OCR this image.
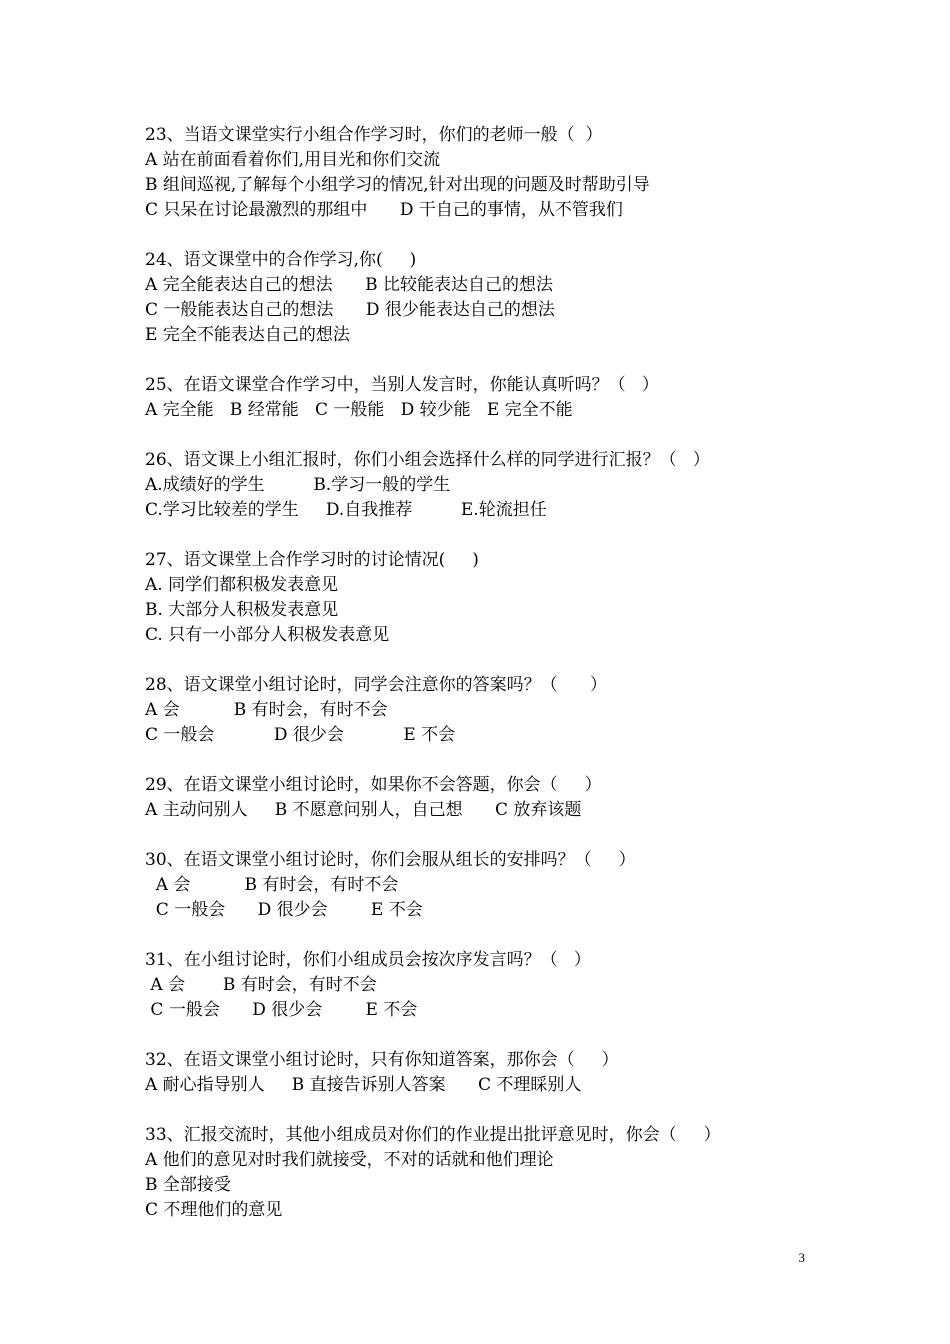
23、当语文课堂实行小组合作学习时，你们的老师一般（  ）
A 站在前面看着你们,用目光和你们交流
B 组间巡视,了解每个小组学习的情况,针对出现的问题及时帮助引导
C 只呆在讨论最激烈的那组中      D 干自己的事情，从不管我们
24、语文课堂中的合作学习,你(     )
A 完全能表达自己的想法      B 比较能表达自己的想法
C 一般能表达自己的想法      D 很少能表达自己的想法
E 完全不能表达自己的想法
25、在语文课堂合作学习中，当别人发言时，你能认真听吗？（   ）
A 完全能   B 经常能   C 一般能   D 较少能   E 完全不能
26、语文课上小组汇报时，你们小组会选择什么样的同学进行汇报？（   ）
A.成绩好的学生         B.学习一般的学生
C.学习比较差的学生     D.自我推荐         E.轮流担任
27、语文课堂上合作学习时的讨论情况(     )
A. 同学们都积极发表意见
B. 大部分人积极发表意见
C. 只有一小部分人积极发表意见
28、语文课堂小组讨论时，同学会注意你的答案吗？（      ）
A 会          B 有时会，有时不会
C 一般会           D 很少会           E 不会
29、在语文课堂小组讨论时，如果你不会答题，你会（     ）
A 主动问别人     B 不愿意问别人，自己想      C 放弃该题
30、在语文课堂小组讨论时，你们会服从组长的安排吗？（     ）
A 会          B 有时会，有时不会
C 一般会      D 很少会        E 不会
31、在小组讨论时，你们小组成员会按次序发言吗？（   ）
A 会       B 有时会，有时不会
C 一般会      D 很少会        E 不会
32、在语文课堂小组讨论时，只有你知道答案，那你会（     ）
A 耐心指导别人     B 直接告诉别人答案      C 不理睬别人
33、汇报交流时，其他小组成员对你们的作业提出批评意见时，你会（     ）
A 他们的意见对时我们就接受，不对的话就和他们理论
B 全部接受
C 不理他们的意见
3
